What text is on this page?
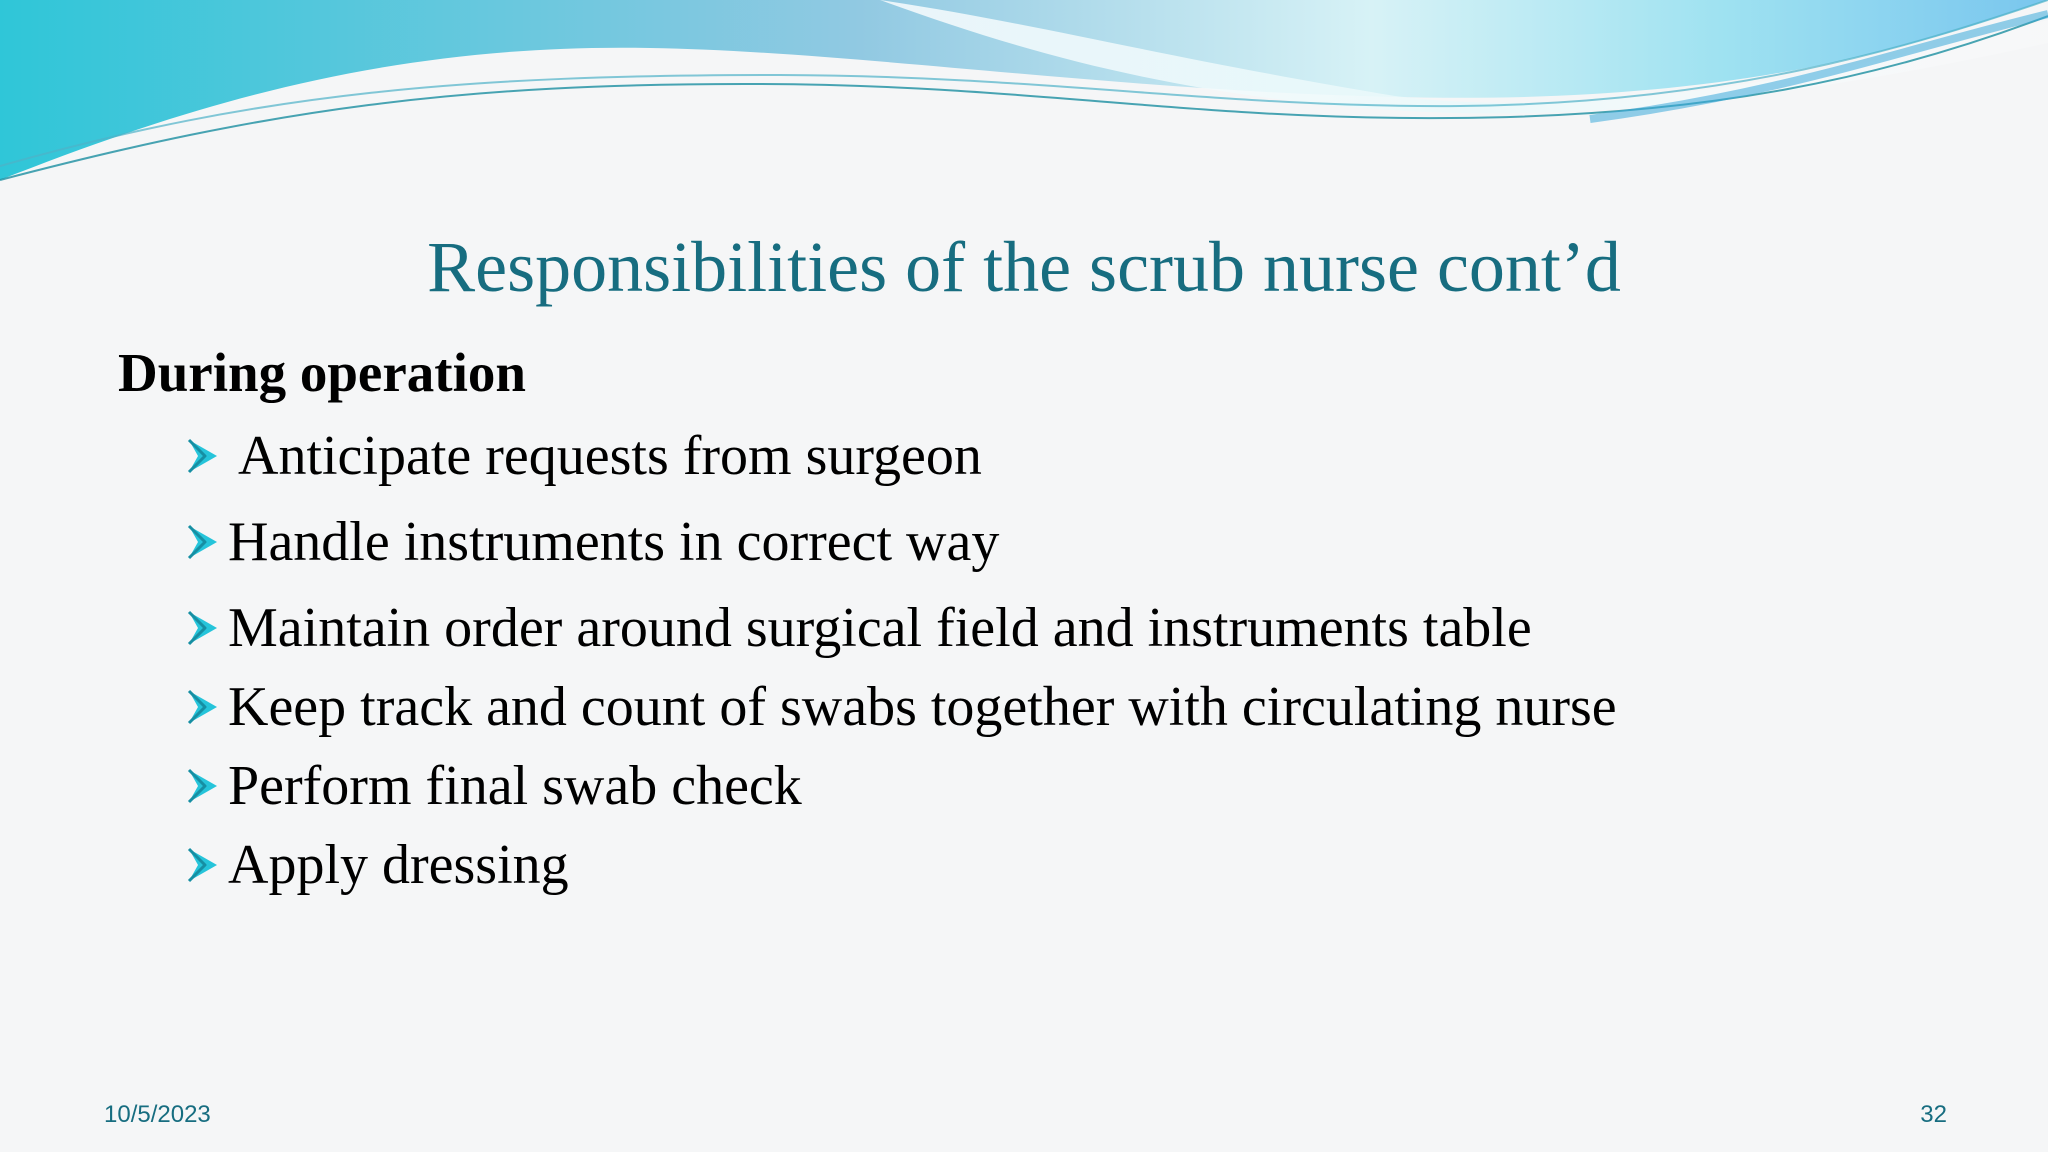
Responsibilities of the scrub nurse cont’d
During operation
Anticipate requests from surgeon
Handle instruments in correct way
Maintain order around surgical field and instruments table
Keep track and count of swabs together with circulating nurse
Perform final swab check
Apply dressing
10/5/2023	32
